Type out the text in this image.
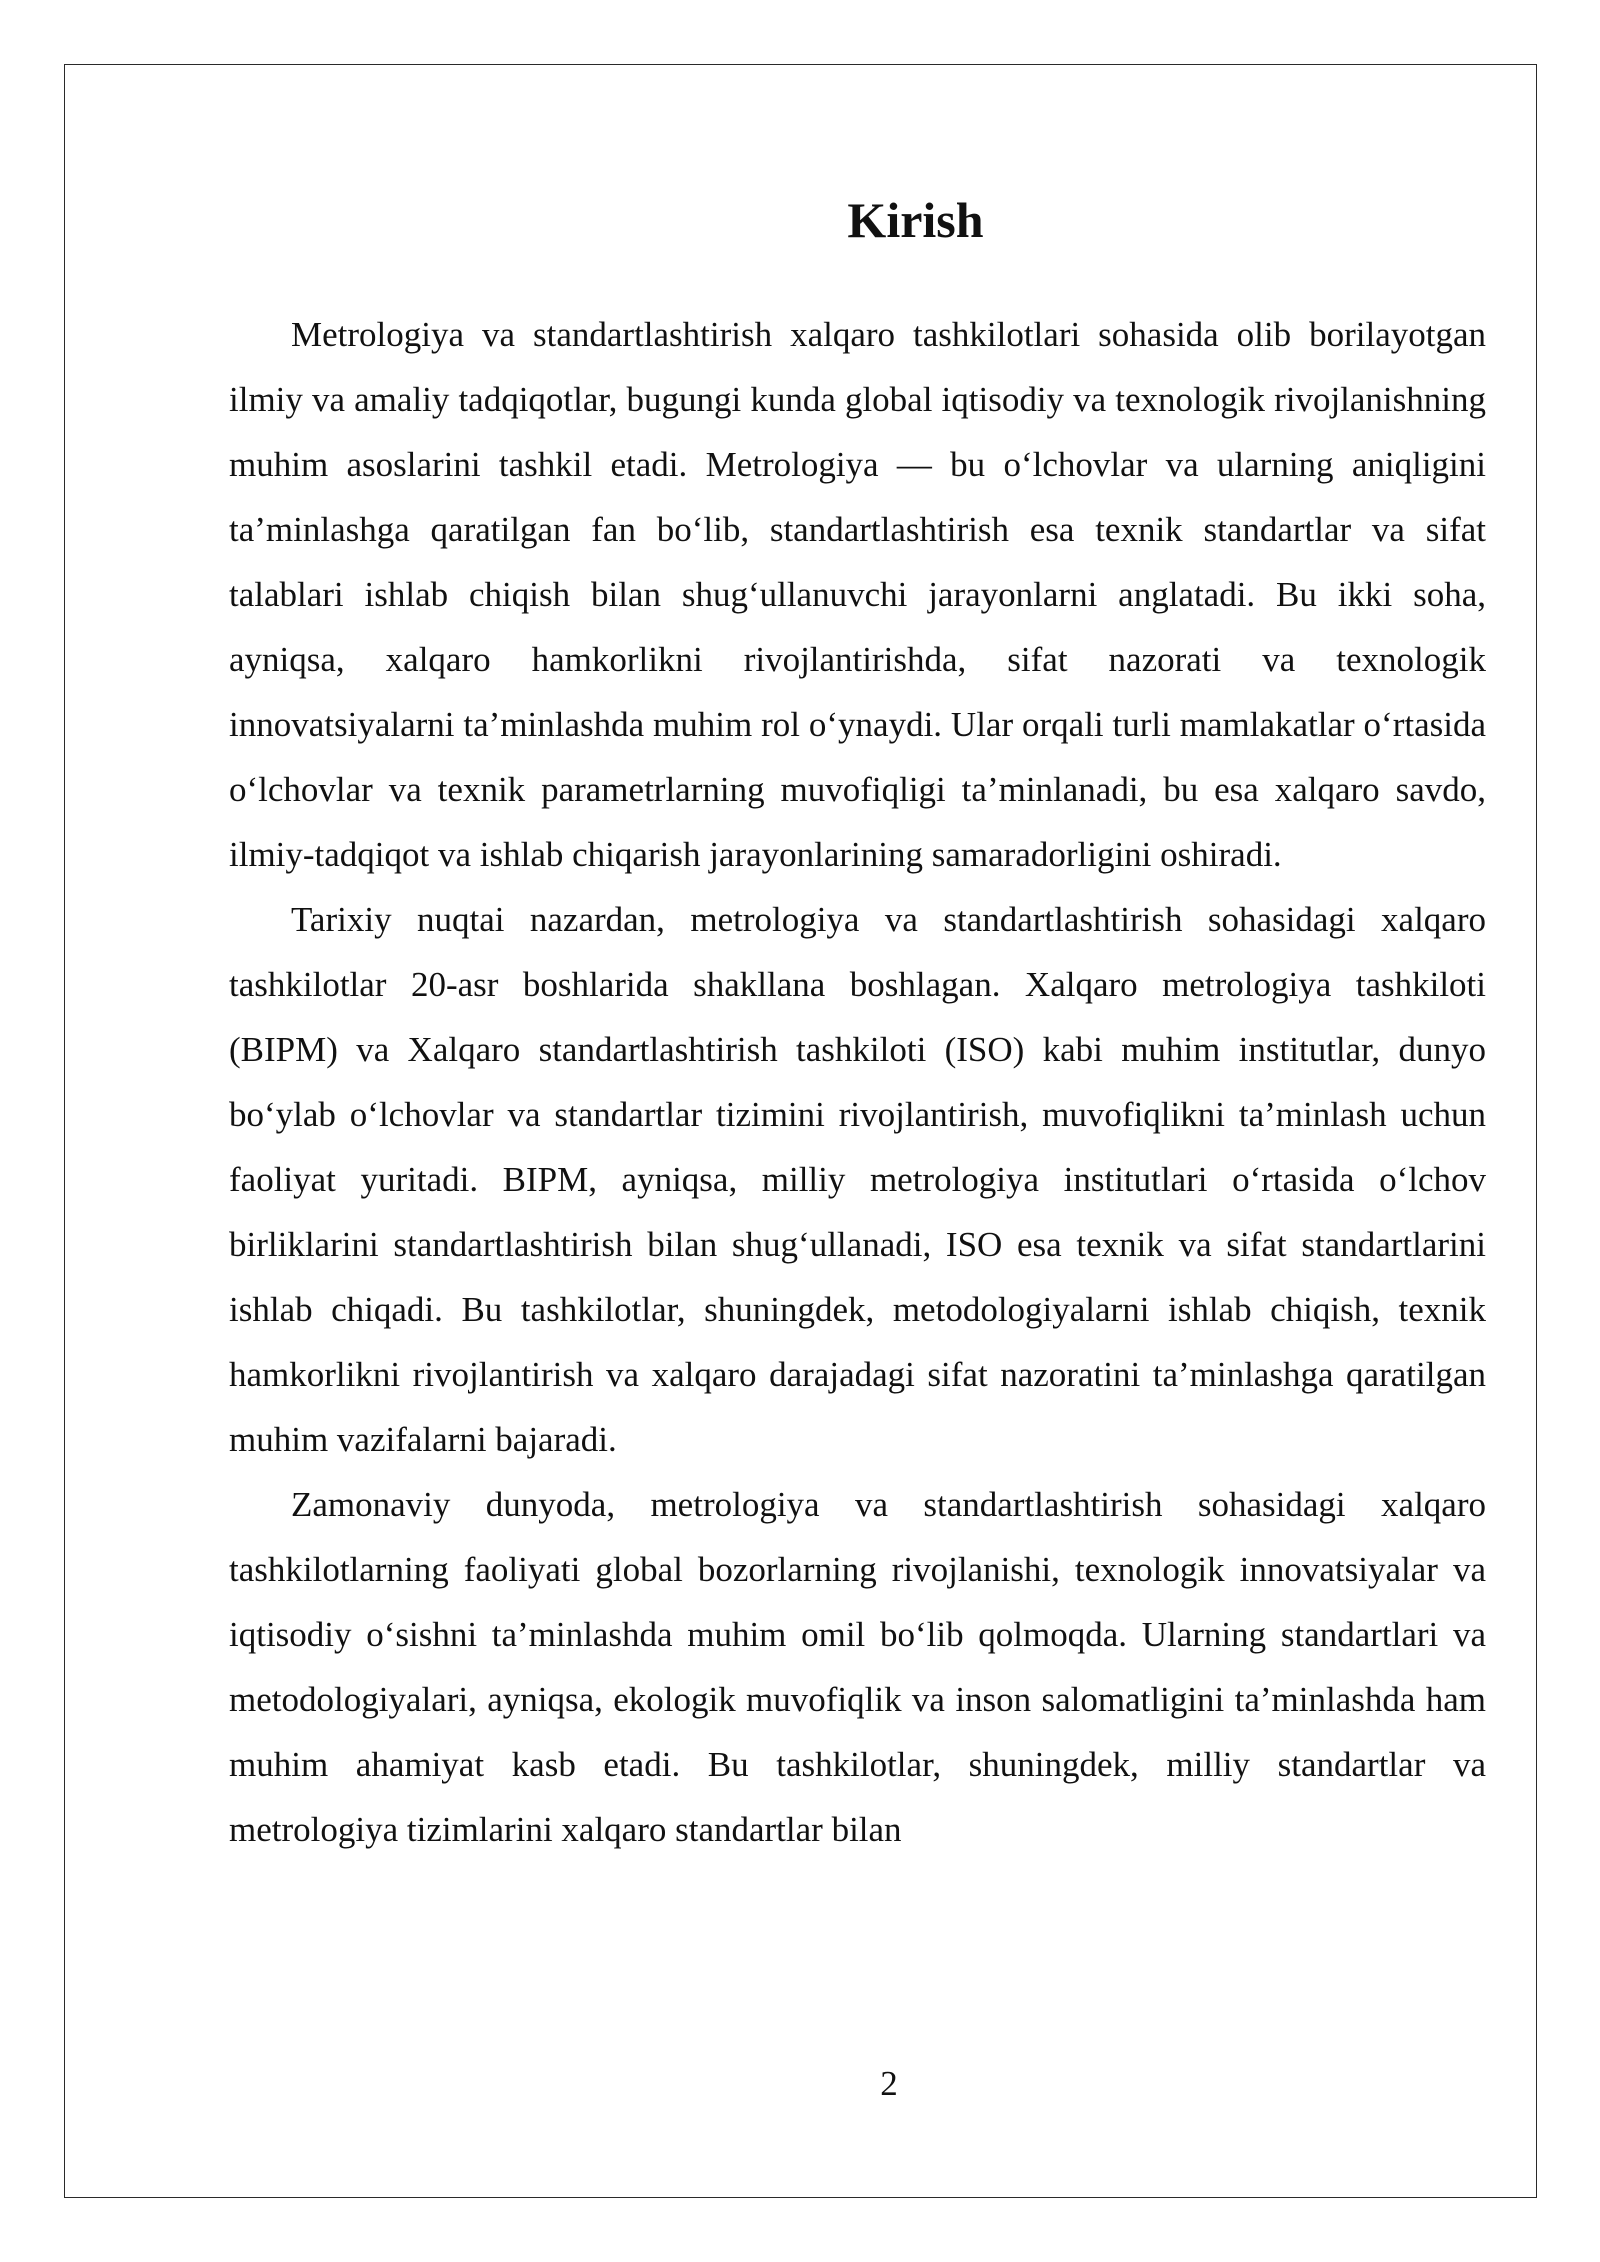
Kirish

Metrologiya va standartlashtirish xalqaro tashkilotlari sohasida olib borilayotgan ilmiy va amaliy tadqiqotlar, bugungi kunda global iqtisodiy va texnologik rivojlanishning muhim asoslarini tashkil etadi. Metrologiya — bu o‘lchovlar va ularning aniqligini ta’minlashga qaratilgan fan bo‘lib, standartlashtirish esa texnik standartlar va sifat talablari ishlab chiqish bilan shug‘ullanuvchi jarayonlarni anglatadi. Bu ikki soha, ayniqsa, xalqaro hamkorlikni rivojlantirishda, sifat nazorati va texnologik innovatsiyalarni ta’minlashda muhim rol o‘ynaydi. Ular orqali turli mamlakatlar o‘rtasida o‘lchovlar va texnik parametrlarning muvofiqligi ta’minlanadi, bu esa xalqaro savdo, ilmiy-tadqiqot va ishlab chiqarish jarayonlarining samaradorligini oshiradi.

Tarixiy nuqtai nazardan, metrologiya va standartlashtirish sohasidagi xalqaro tashkilotlar 20-asr boshlarida shakllana boshlagan. Xalqaro metrologiya tashkiloti (BIPM) va Xalqaro standartlashtirish tashkiloti (ISO) kabi muhim institutlar, dunyo bo‘ylab o‘lchovlar va standartlar tizimini rivojlantirish, muvofiqlikni ta’minlash uchun faoliyat yuritadi. BIPM, ayniqsa, milliy metrologiya institutlari o‘rtasida o‘lchov birliklarini standartlashtirish bilan shug‘ullanadi, ISO esa texnik va sifat standartlarini ishlab chiqadi. Bu tashkilotlar, shuningdek, metodologiyalarni ishlab chiqish, texnik hamkorlikni rivojlantirish va xalqaro darajadagi sifat nazoratini ta’minlashga qaratilgan muhim vazifalarni bajaradi.

Zamonaviy dunyoda, metrologiya va standartlashtirish sohasidagi xalqaro tashkilotlarning faoliyati global bozorlarning rivojlanishi, texnologik innovatsiyalar va iqtisodiy o‘sishni ta’minlashda muhim omil bo‘lib qolmoqda. Ularning standartlari va metodologiyalari, ayniqsa, ekologik muvofiqlik va inson salomatligini ta’minlashda ham muhim ahamiyat kasb etadi. Bu tashkilotlar, shuningdek, milliy standartlar va metrologiya tizimlarini xalqaro standartlar bilan

2
